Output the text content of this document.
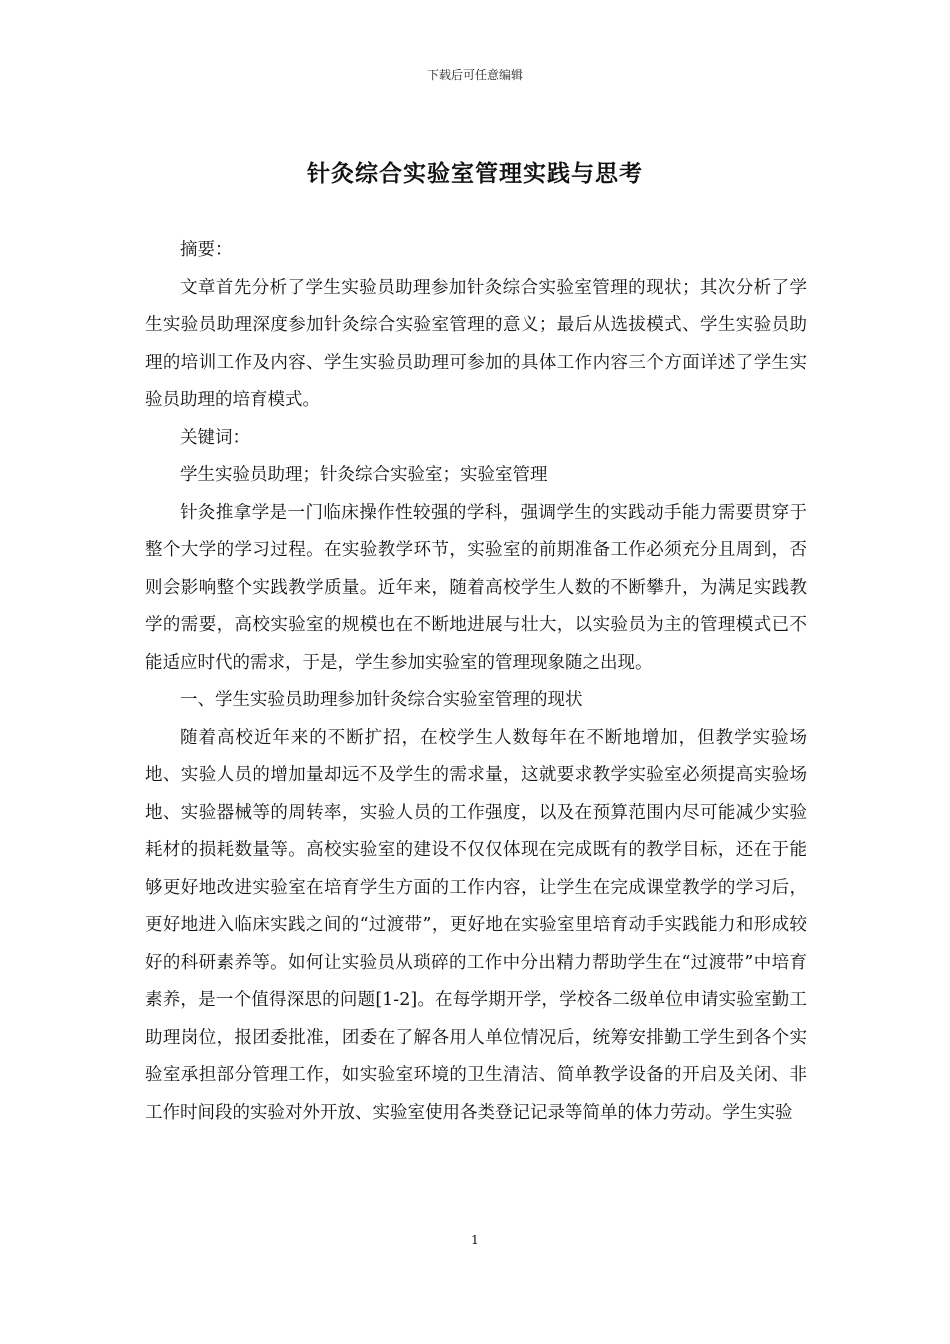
下载后可任意编辑
针灸综合实验室管理实践与思考

摘要：

文章首先分析了学生实验员助理参加针灸综合实验室管理的现状；其次分析了学生实验员助理深度参加针灸综合实验室管理的意义；最后从选拔模式、学生实验员助理的培训工作及内容、学生实验员助理可参加的具体工作内容三个方面详述了学生实验员助理的培育模式。

关键词：

学生实验员助理；针灸综合实验室；实验室管理

针灸推拿学是一门临床操作性较强的学科，强调学生的实践动手能力需要贯穿于整个大学的学习过程。在实验教学环节，实验室的前期准备工作必须充分且周到，否则会影响整个实践教学质量。近年来，随着高校学生人数的不断攀升，为满足实践教学的需要，高校实验室的规模也在不断地进展与壮大，以实验员为主的管理模式已不能适应时代的需求，于是，学生参加实验室的管理现象随之出现。

一、学生实验员助理参加针灸综合实验室管理的现状

随着高校近年来的不断扩招，在校学生人数每年在不断地增加，但教学实验场地、实验人员的增加量却远不及学生的需求量，这就要求教学实验室必须提高实验场地、实验器械等的周转率，实验人员的工作强度，以及在预算范围内尽可能减少实验耗材的损耗数量等。高校实验室的建设不仅仅体现在完成既有的教学目标，还在于能够更好地改进实验室在培育学生方面的工作内容，让学生在完成课堂教学的学习后，更好地进入临床实践之间的“过渡带”，更好地在实验室里培育动手实践能力和形成较好的科研素养等。如何让实验员从琐碎的工作中分出精力帮助学生在“过渡带”中培育素养，是一个值得深思的问题[1-2]。在每学期开学，学校各二级单位申请实验室勤工助理岗位，报团委批准，团委在了解各用人单位情况后，统筹安排勤工学生到各个实验室承担部分管理工作，如实验室环境的卫生清洁、简单教学设备的开启及关闭、非工作时间段的实验对外开放、实验室使用各类登记记录等简单的体力劳动。学生实验

1
